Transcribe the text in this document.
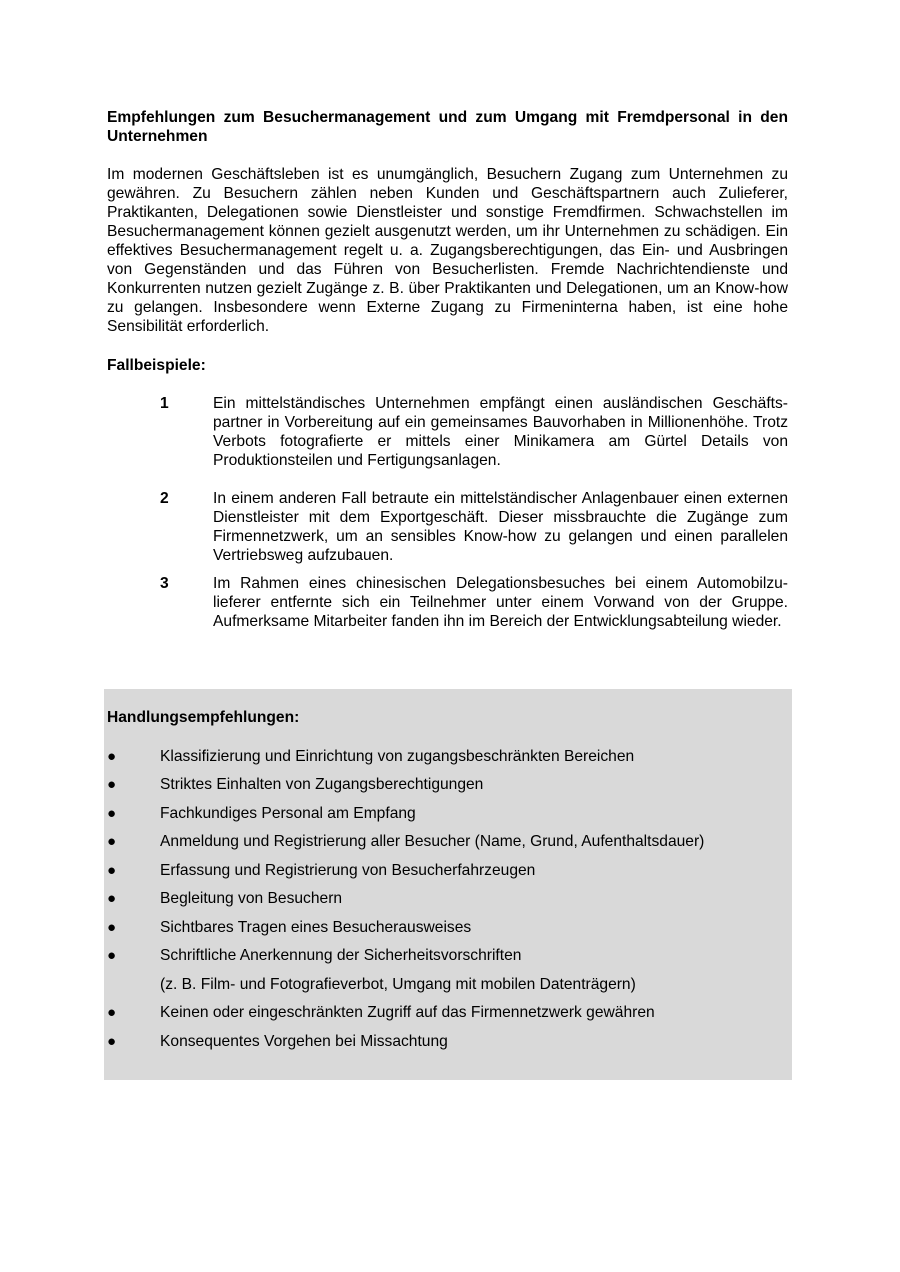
Empfehlungen zum Besuchermanagement und zum Umgang mit Fremdpersonal in den Unternehmen

Im modernen Geschäftsleben ist es unumgänglich, Besuchern Zugang zum Unternehmen zu gewähren. Zu Besuchern zählen neben Kunden und Geschäftspartnern auch Zulieferer, Praktikanten, Delegationen sowie Dienstleister und sonstige Fremdfirmen. Schwachstellen im Besuchermanagement können gezielt ausgenutzt werden, um ihr Unternehmen zu schädigen. Ein effektives Besuchermanagement regelt u. a. Zugangsberechtigungen, das Ein- und Ausbringen von Gegenständen und das Führen von Besucherlisten. Fremde Nachrichtendienste und Konkurrenten nutzen gezielt Zugänge z. B. über Praktikanten und Delegationen, um an Know-how zu gelangen. Insbesondere wenn Externe Zugang zu Firmeninterna haben, ist eine hohe Sensibilität erforderlich.

Fallbeispiele:
1	Ein mittelständisches Unternehmen empfängt einen ausländischen Geschäfts-partner in Vorbereitung auf ein gemeinsames Bauvorhaben in Millionenhöhe. Trotz Verbots fotografierte er mittels einer Minikamera am Gürtel Details von Produktionsteilen und Fertigungsanlagen.
2	In einem anderen Fall betraute ein mittelständischer Anlagenbauer einen externen Dienstleister mit dem Exportgeschäft. Dieser missbrauchte die Zugänge zum Firmennetzwerk, um an sensibles Know-how zu gelangen und einen parallelen Vertriebsweg aufzubauen.
3	Im Rahmen eines chinesischen Delegationsbesuches bei einem Automobilzu-lieferer entfernte sich ein Teilnehmer unter einem Vorwand von der Gruppe. Aufmerksame Mitarbeiter fanden ihn im Bereich der Entwicklungsabteilung wieder.
Handlungsempfehlungen:
●	Klassifizierung und Einrichtung von zugangsbeschränkten Bereichen
●	Striktes Einhalten von Zugangsberechtigungen
●	Fachkundiges Personal am Empfang
●	Anmeldung und Registrierung aller Besucher (Name, Grund, Aufenthaltsdauer)
●	Erfassung und Registrierung von Besucherfahrzeugen
●	Begleitung von Besuchern
●	Sichtbares Tragen eines Besucherausweises
●	Schriftliche Anerkennung der Sicherheitsvorschriften
(z. B. Film- und Fotografieverbot, Umgang mit mobilen Datenträgern)
●	Keinen oder eingeschränkten Zugriff auf das Firmennetzwerk gewähren
●	Konsequentes Vorgehen bei Missachtung
